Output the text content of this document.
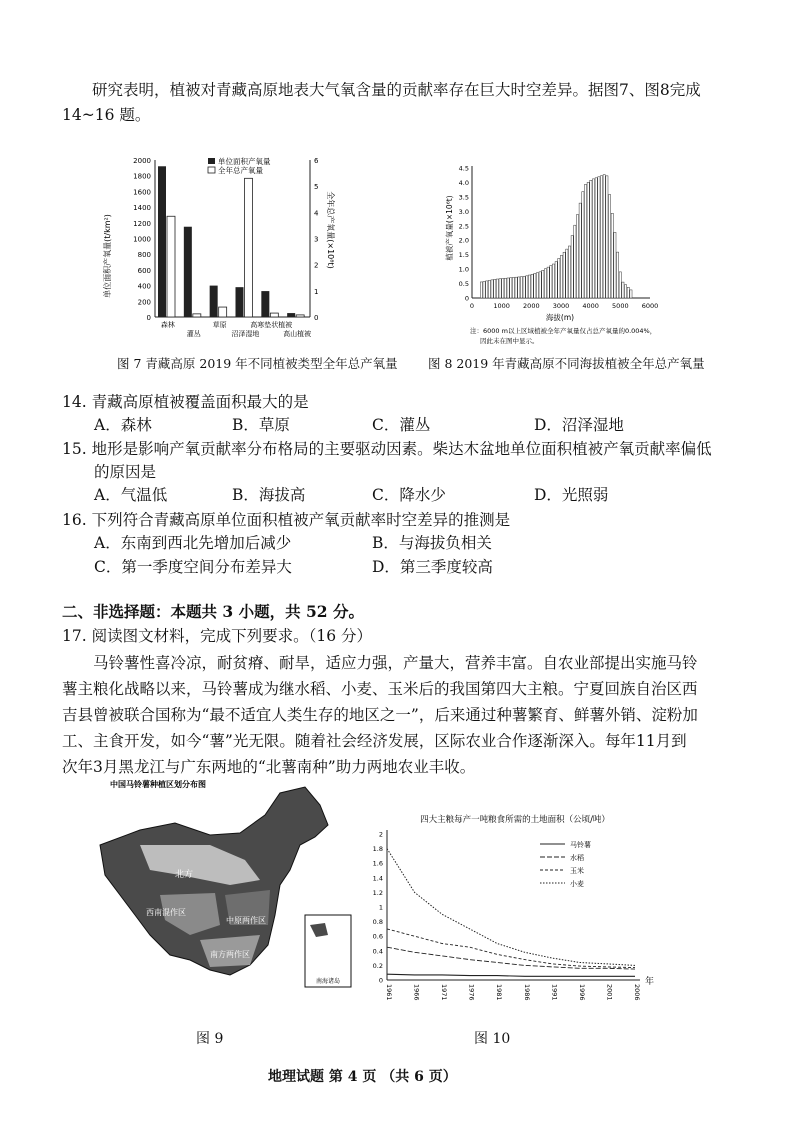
研究表明，植被对青藏高原地表大气氧含量的贡献率存在巨大时空差异。据图7、图8完成
14~16 题。
单位面积产氧量(t/km²)	全年总产氧量(×10⁸t)
2000
1800
1600
1400
1200
1000
800
600
400
200
0
6
5
4
3
2
1
0
森林
灌丛
草原
沼泽湿地
高寒垫状植被
高山植被
单位面积产氧量
全年总产氧量
图 7 青藏高原 2019 年不同植被类型全年总产氧量
植被产氧量(×10⁶t)
4.5
4.0
3.5
3.0
2.5
2.0
1.5
1.0
0.5
0
0	1000 2000 3000 4000 5000 6000
海拔(m)
注：6000 m以上区域植被全年产氧量仅占总产氧量的0.004%，
因此未在图中显示。
图 8 2019 年青藏高原不同海拔植被全年总产氧量
14. 青藏高原植被覆盖面积最大的是
A．森林	B．草原	C．灌丛	D．沼泽湿地
15. 地形是影响产氧贡献率分布格局的主要驱动因素。柴达木盆地单位面积植被产氧贡献率偏低
的原因是
A．气温低	B．海拔高	C．降水少	D．光照弱
16. 下列符合青藏高原单位面积植被产氧贡献率时空差异的推测是
A．东南到西北先增加后减少	B．与海拔负相关
C．第一季度空间分布差异大	D．第三季度较高
二、非选择题：本题共 3 小题，共 52 分。
17. 阅读图文材料，完成下列要求。（16 分）
马铃薯性喜冷凉，耐贫瘠、耐旱，适应力强，产量大，营养丰富。自农业部提出实施马铃薯主粮化战略以来，马铃薯成为继水稻、小麦、玉米后的我国第四大主粮。宁夏回族自治区西吉县曾被联合国称为“最不适宜人类生存的地区之一”，后来通过种薯繁育、鲜薯外销、淀粉加工、主食开发，如今“薯”光无限。随着社会经济发展，区际农业合作逐渐深入。每年11月到次年3月黑龙江与广东两地的“北薯南种”助力两地农业丰收。
中国马铃薯种植区划分布图
北方
西南混作区
中原两作区
南方两作区
南海诸岛
图 9
四大主粮每产一吨粮食所需的土地面积（公顷/吨）
2
1.8
1.6
1.4
1.2
1
0.8
0.6
0.4
0.2
0
马铃薯
水稻
玉米
小麦
1961	1966	1971	1976	1981	1986	1991	1996	2001	2006
年
图 10
地理试题 第 4 页 （共 6 页）
